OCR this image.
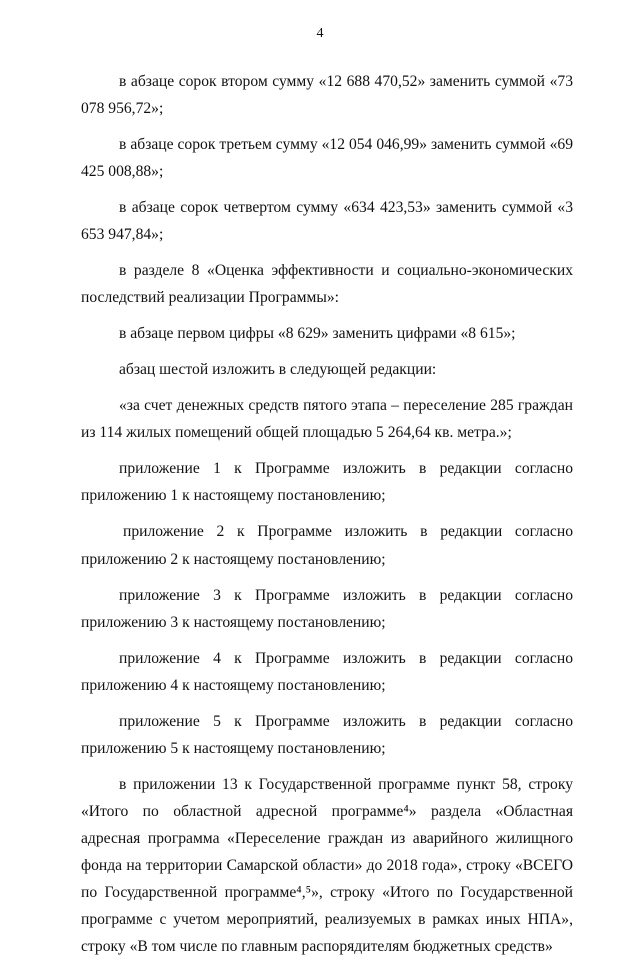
4

в абзаце сорок втором сумму «12 688 470,52» заменить суммой «73 078 956,72»;

в абзаце сорок третьем сумму «12 054 046,99» заменить суммой «69 425 008,88»;

в абзаце сорок четвертом сумму «634 423,53» заменить суммой «3 653 947,84»;

в разделе 8 «Оценка эффективности и социально-экономических последствий реализации Программы»:

в абзаце первом цифры «8 629» заменить цифрами «8 615»;

абзац шестой изложить в следующей редакции:

«за счет денежных средств пятого этапа – переселение 285 граждан из 114 жилых помещений общей площадью 5 264,64 кв. метра.»;

приложение 1 к Программе изложить в редакции согласно приложению 1 к настоящему постановлению;

приложение 2 к Программе изложить в редакции согласно приложению 2 к настоящему постановлению;

приложение 3 к Программе изложить в редакции согласно приложению 3 к настоящему постановлению;

приложение 4 к Программе изложить в редакции согласно приложению 4 к настоящему постановлению;

приложение 5 к Программе изложить в редакции согласно приложению 5 к настоящему постановлению;

в приложении 13 к Государственной программе пункт 58, строку «Итого по областной адресной программе⁴» раздела «Областная адресная программа «Переселение граждан из аварийного жилищного фонда на территории Самарской области» до 2018 года», строку «ВСЕГО по Государственной программе⁴,⁵», строку «Итого по Государственной программе с учетом мероприятий, реализуемых в рамках иных НПА», строку «В том числе по главным распорядителям бюджетных средств»
